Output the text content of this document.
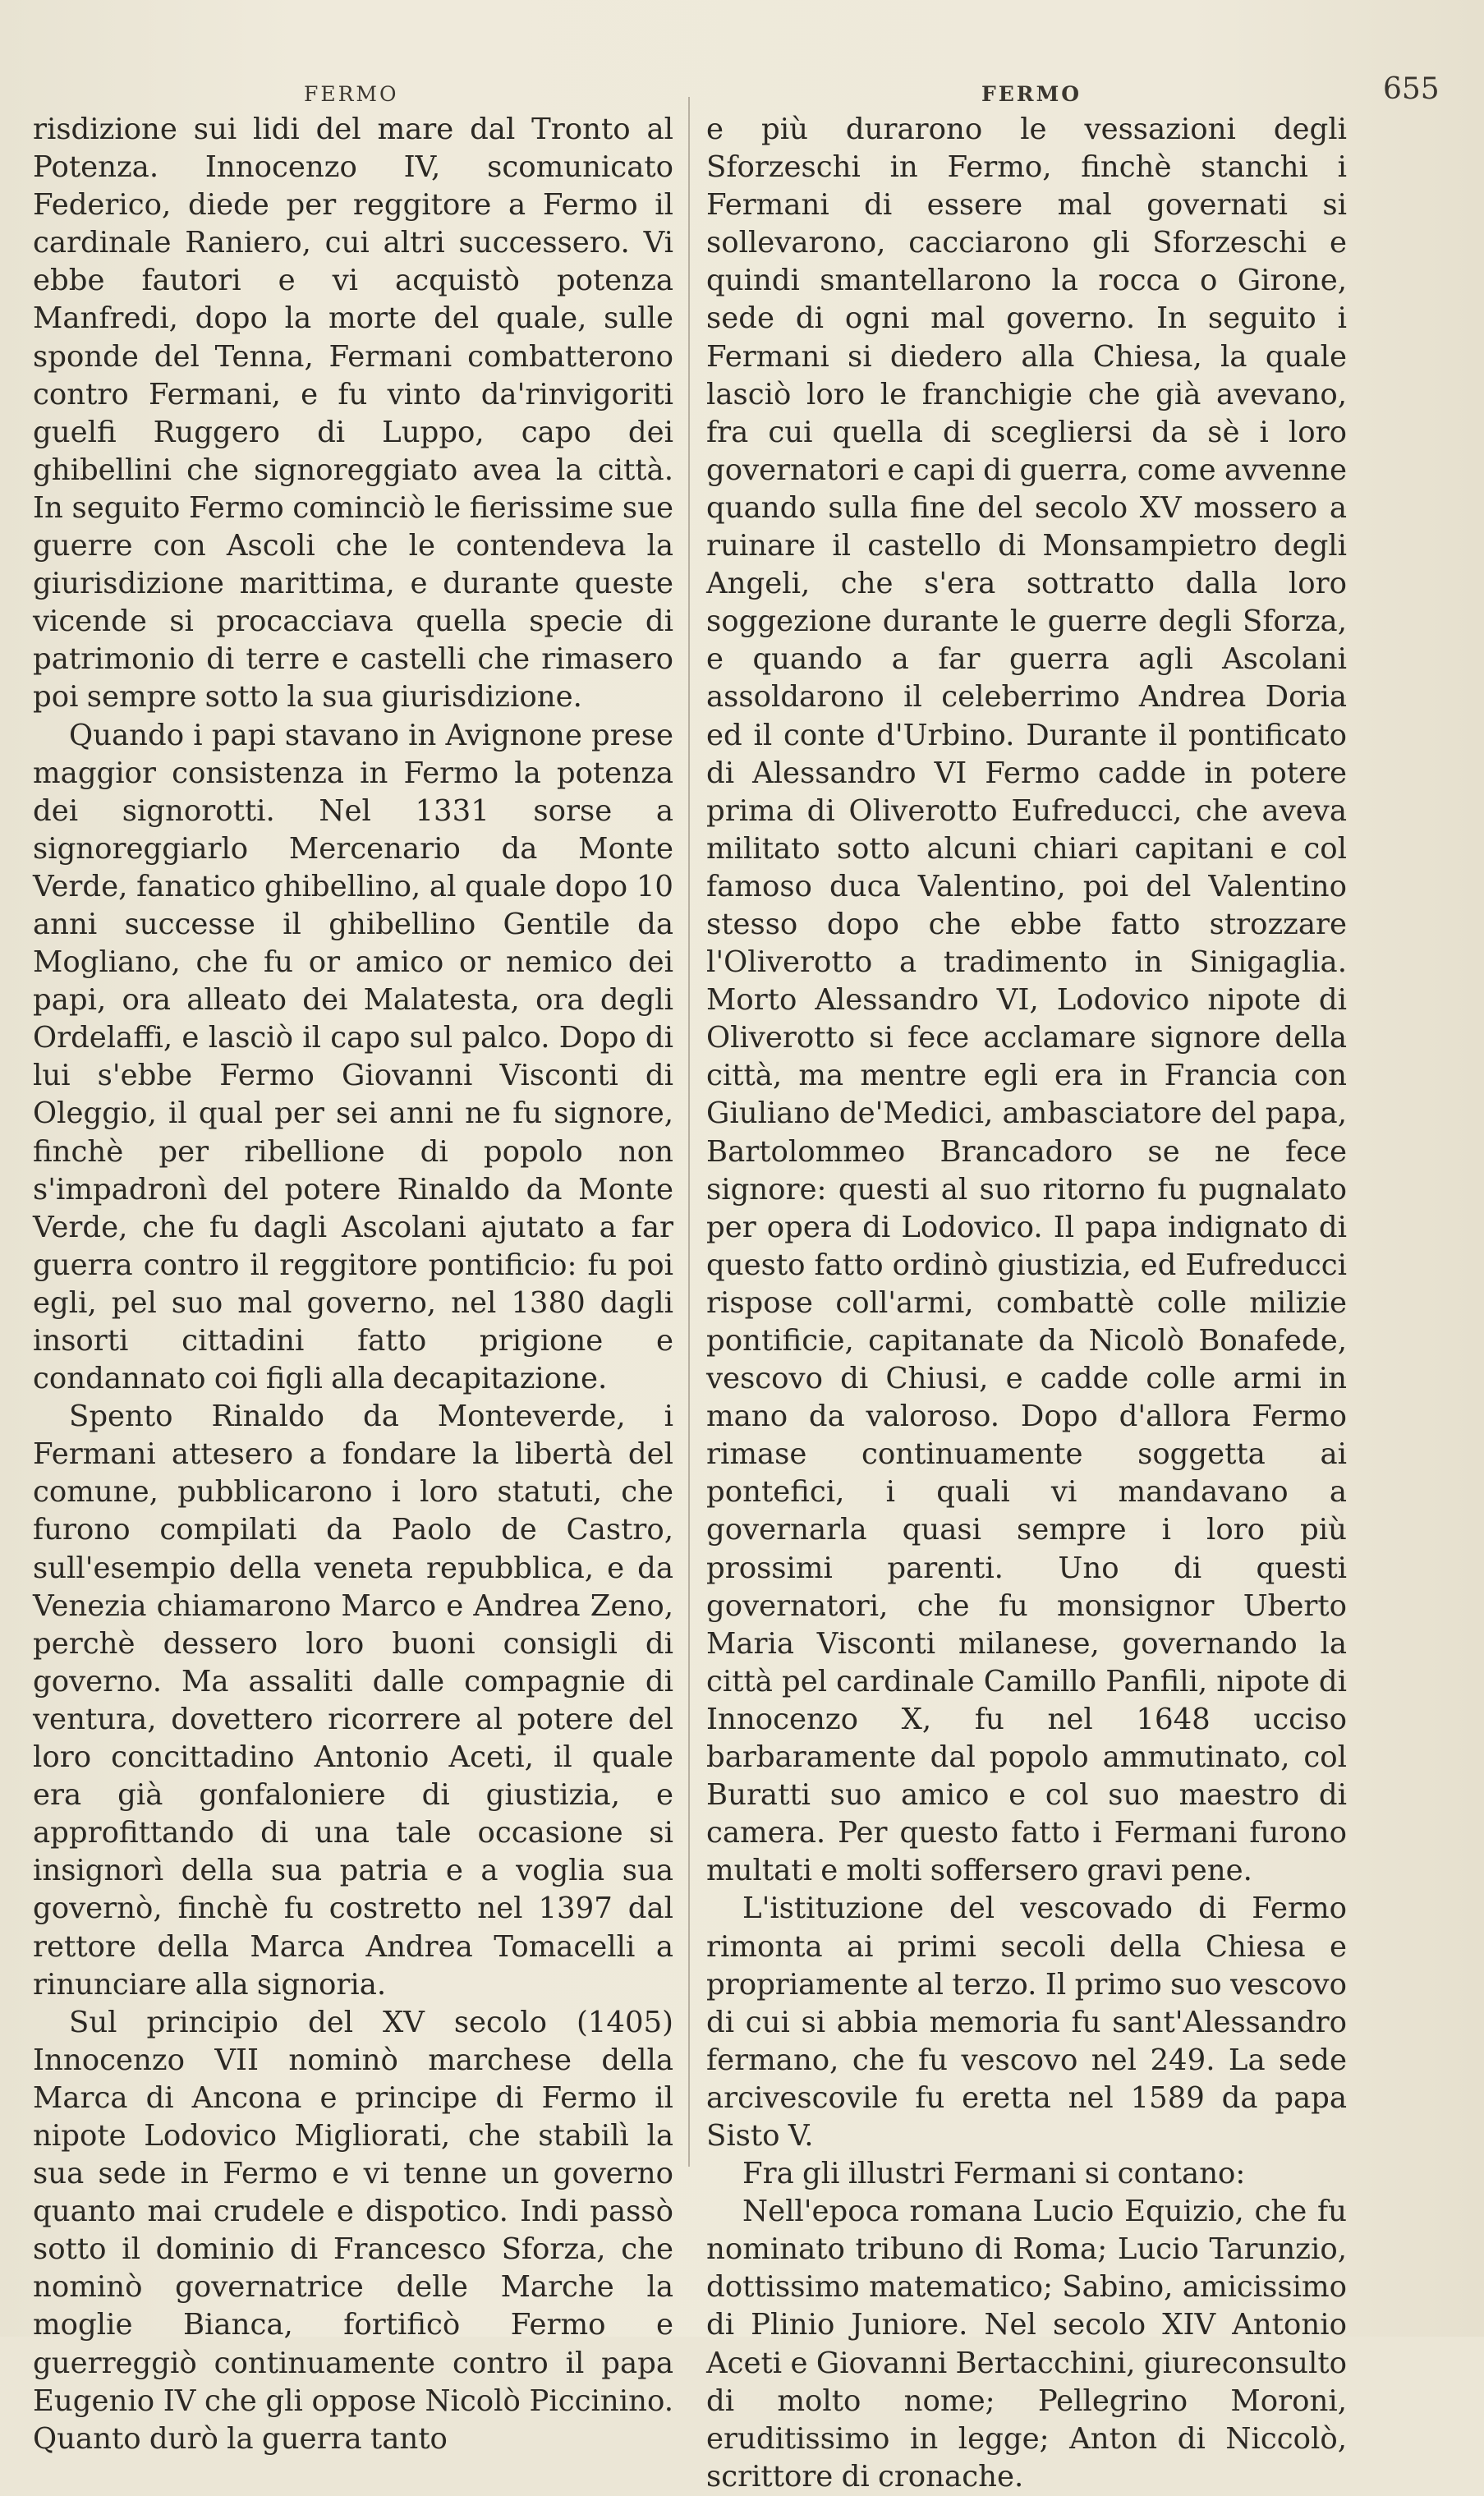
FERMO	FERMO	655

risdizione sui lidi del mare dal Tronto al Potenza. Innocenzo IV, scomunicato Federico, diede per reggitore a Fermo il cardinale Raniero, cui altri successero. Vi ebbe fautori e vi acquistò potenza Manfredi, dopo la morte del quale, sulle sponde del Tenna, Fermani combatterono contro Fermani, e fu vinto da'rinvigoriti guelfi Ruggero di Luppo, capo dei ghibellini che signoreggiato avea la città. In seguito Fermo cominciò le fierissime sue guerre con Ascoli che le contendeva la giurisdizione marittima, e durante queste vicende si procacciava quella specie di patrimonio di terre e castelli che rimasero poi sempre sotto la sua giurisdizione.

Quando i papi stavano in Avignone prese maggior consistenza in Fermo la potenza dei signorotti. Nel 1331 sorse a signoreggiarlo Mercenario da Monte Verde, fanatico ghibellino, al quale dopo 10 anni successe il ghibellino Gentile da Mogliano, che fu or amico or nemico dei papi, ora alleato dei Malatesta, ora degli Ordelaffi, e lasciò il capo sul palco. Dopo di lui s'ebbe Fermo Giovanni Visconti di Oleggio, il qual per sei anni ne fu signore, finchè per ribellione di popolo non s'impadronì del potere Rinaldo da Monte Verde, che fu dagli Ascolani ajutato a far guerra contro il reggitore pontificio: fu poi egli, pel suo mal governo, nel 1380 dagli insorti cittadini fatto prigione e condannato coi figli alla decapitazione.

Spento Rinaldo da Monteverde, i Fermani attesero a fondare la libertà del comune, pubblicarono i loro statuti, che furono compilati da Paolo de Castro, sull'esempio della veneta repubblica, e da Venezia chiamarono Marco e Andrea Zeno, perchè dessero loro buoni consigli di governo. Ma assaliti dalle compagnie di ventura, dovettero ricorrere al potere del loro concittadino Antonio Aceti, il quale era già gonfaloniere di giustizia, e approfittando di una tale occasione si insignorì della sua patria e a voglia sua governò, finchè fu costretto nel 1397 dal rettore della Marca Andrea Tomacelli a rinunciare alla signoria.

Sul principio del XV secolo (1405) Innocenzo VII nominò marchese della Marca di Ancona e principe di Fermo il nipote Lodovico Migliorati, che stabilì la sua sede in Fermo e vi tenne un governo quanto mai crudele e dispotico. Indi passò sotto il dominio di Francesco Sforza, che nominò governatrice delle Marche la moglie Bianca, fortificò Fermo e guerreggiò continuamente contro il papa Eugenio IV che gli oppose Nicolò Piccinino. Quanto durò la guerra tanto

e più durarono le vessazioni degli Sforzeschi in Fermo, finchè stanchi i Fermani di essere mal governati si sollevarono, cacciarono gli Sforzeschi e quindi smantellarono la rocca o Girone, sede di ogni mal governo. In seguito i Fermani si diedero alla Chiesa, la quale lasciò loro le franchigie che già avevano, fra cui quella di scegliersi da sè i loro governatori e capi di guerra, come avvenne quando sulla fine del secolo XV mossero a ruinare il castello di Monsampietro degli Angeli, che s'era sottratto dalla loro soggezione durante le guerre degli Sforza, e quando a far guerra agli Ascolani assoldarono il celeberrimo Andrea Doria ed il conte d'Urbino. Durante il pontificato di Alessandro VI Fermo cadde in potere prima di Oliverotto Eufreducci, che aveva militato sotto alcuni chiari capitani e col famoso duca Valentino, poi del Valentino stesso dopo che ebbe fatto strozzare l'Oliverotto a tradimento in Sinigaglia. Morto Alessandro VI, Lodovico nipote di Oliverotto si fece acclamare signore della città, ma mentre egli era in Francia con Giuliano de'Medici, ambasciatore del papa, Bartolommeo Brancadoro se ne fece signore: questi al suo ritorno fu pugnalato per opera di Lodovico. Il papa indignato di questo fatto ordinò giustizia, ed Eufreducci rispose coll'armi, combattè colle milizie pontificie, capitanate da Nicolò Bonafede, vescovo di Chiusi, e cadde colle armi in mano da valoroso. Dopo d'allora Fermo rimase continuamente soggetta ai pontefici, i quali vi mandavano a governarla quasi sempre i loro più prossimi parenti. Uno di questi governatori, che fu monsignor Uberto Maria Visconti milanese, governando la città pel cardinale Camillo Panfili, nipote di Innocenzo X, fu nel 1648 ucciso barbaramente dal popolo ammutinato, col Buratti suo amico e col suo maestro di camera. Per questo fatto i Fermani furono multati e molti soffersero gravi pene.

L'istituzione del vescovado di Fermo rimonta ai primi secoli della Chiesa e propriamente al terzo. Il primo suo vescovo di cui si abbia memoria fu sant'Alessandro fermano, che fu vescovo nel 249. La sede arcivescovile fu eretta nel 1589 da papa Sisto V.

Fra gli illustri Fermani si contano:

Nell'epoca romana Lucio Equizio, che fu nominato tribuno di Roma; Lucio Tarunzio, dottissimo matematico; Sabino, amicissimo di Plinio Juniore. Nel secolo XIV Antonio Aceti e Giovanni Bertacchini, giureconsulto di molto nome; Pellegrino Moroni, eruditissimo in legge; Anton di Niccolò, scrittore di cronache.
